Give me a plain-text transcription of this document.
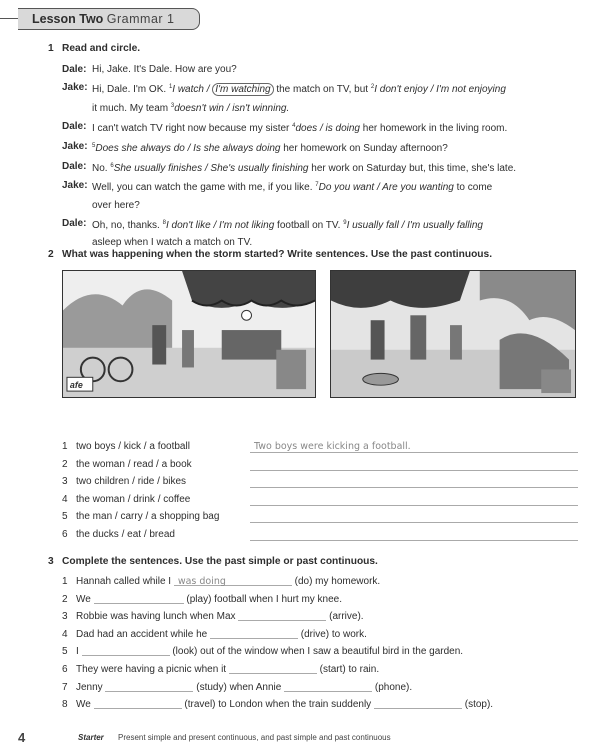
Lesson Two Grammar 1
1 Read and circle.
Dale: Hi, Jake. It's Dale. How are you?
Jake: Hi, Dale. I'm OK. $^1$I watch / I'm watching the match on TV, but $^2$I don't enjoy / I'm not enjoying
it much. My team $^3$doesn't win / isn't winning.
Dale: I can't watch TV right now because my sister $^4$does / is doing her homework in the living room.
Jake: $^5$Does she always do / Is she always doing her homework on Sunday afternoon?
Dale: No. $^6$She usually finishes / She's usually finishing her work on Saturday but, this time, she's late.
Jake: Well, you can watch the game with me, if you like. $^7$Do you want / Are you wanting to come
over here?
Dale: Oh, no, thanks. $^8$I don't like / I'm not liking football on TV. $^9$I usually fall / I'm usually falling
asleep when I watch a match on TV.
2 What was happening when the storm started? Write sentences. Use the past continuous.
afe
1 two boys / kick / a football	Two boys were kicking a football.
2 the woman / read / a book
3 two children / ride / bikes
4 the woman / drink / coffee
5 the man / carry / a shopping bag
6 the ducks / eat / bread
3 Complete the sentences. Use the past simple or past continuous.
1 Hannah called while I
was doing
	(do) my homework.
2 We

	(play) football when I hurt my knee.
3 Robbie was having lunch when Max

	(arrive).
4 Dad had an accident while he

	(drive) to work.
5 I

	(look) out of the window when I saw a beautiful bird in the garden.
6 They were having a picnic when it

	(start) to rain.
7 Jenny

	(study) when Annie

	(phone).
8 We

	(travel) to London when the train suddenly

	(stop).
4	Starter Present simple and present continuous, and past simple and past continuous
